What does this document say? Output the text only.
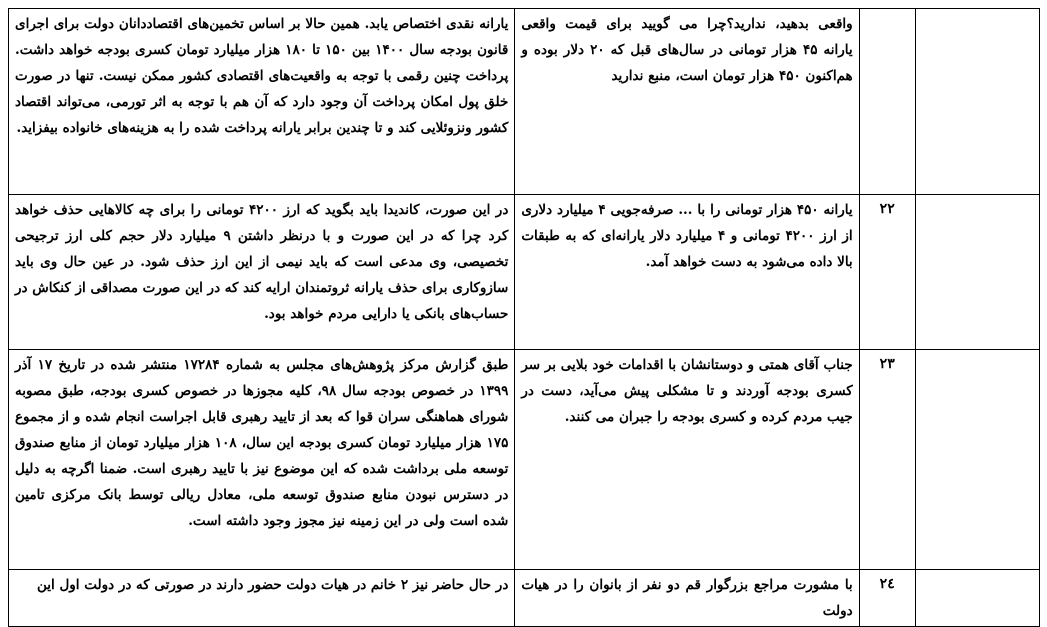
		واقعی بدهید، ندارید؟چرا می گویید برای قیمت واقعی یارانه ۴۵ هزار تومانی در سال‌های قبل که ۲۰ دلار بوده و هم‌اکنون ۴۵۰ هزار تومان است، منبع ندارید	یارانه نقدی اختصاص یابد. همین حالا بر اساس تخمین‌های اقتصاددانان دولت برای اجرای قانون بودجه سال ۱۴۰۰ بین ۱۵۰ تا ۱۸۰ هزار میلیارد تومان کسری بودجه خواهد داشت. پرداخت چنین رقمی با توجه به واقعیت‌های اقتصادی کشور ممکن نیست. تنها در صورت خلق پول امکان پرداخت آن وجود دارد که آن هم با توجه به اثر تورمی، می‌تواند اقتصاد کشور ونزوئلایی کند و تا چندین برابر یارانه پرداخت شده را به هزینه‌های خانواده بیفزاید.

	۲۲	یارانه ۴۵۰ هزار تومانی را با ... صرفه‌جویی ۴ میلیارد دلاری از ارز ۴۲۰۰ تومانی و ۴ میلیارد دلار یارانه‌ای که به طبقات بالا داده می‌شود به دست خواهد آمد.	در این صورت، کاندیدا باید بگوید که ارز ۴۲۰۰ تومانی را برای چه کالاهایی حذف خواهد کرد چرا که در این صورت و با درنظر داشتن ۹ میلیارد دلار حجم کلی ارز ترجیحی تخصیصی، وی مدعی است که باید نیمی از این ارز حذف شود. در عین حال وی باید سازوکاری برای حذف یارانه ثروتمندان ارایه کند که در این صورت مصداقی از کنکاش در حساب‌های بانکی یا دارایی مردم خواهد بود.

	۲۳	جناب آقای همتی و دوستانشان با اقدامات خود بلایی بر سر کسری بودجه آوردند و تا مشکلی پیش می‌آید، دست در جیب مردم کرده و کسری بودجه را جبران می کنند.	طبق گزارش مرکز پژوهش‌های مجلس به شماره ۱۷۲۸۴ منتشر شده در تاریخ ۱۷ آذر ۱۳۹۹ در خصوص بودجه سال ۹۸، کلیه مجوزها در خصوص کسری بودجه، طبق مصوبه شورای هماهنگی سران قوا که بعد از تایید رهبری قابل اجراست انجام شده و از مجموع ۱۷۵ هزار میلیارد تومان کسری بودجه این سال، ۱۰۸ هزار میلیارد تومان از منابع صندوق توسعه ملی برداشت شده که این موضوع نیز با تایید رهبری است. ضمنا اگرچه به دلیل در دسترس نبودن منابع صندوق توسعه ملی، معادل ریالی توسط بانک مرکزی تامین شده است ولی در این زمینه نیز مجوز وجود داشته است.

	۲٤	با مشورت مراجع بزرگوار قم دو نفر از بانوان را در هیات دولت	در حال حاضر نیز ۲ خانم در هیات دولت حضور دارند در صورتی که در دولت اول این
